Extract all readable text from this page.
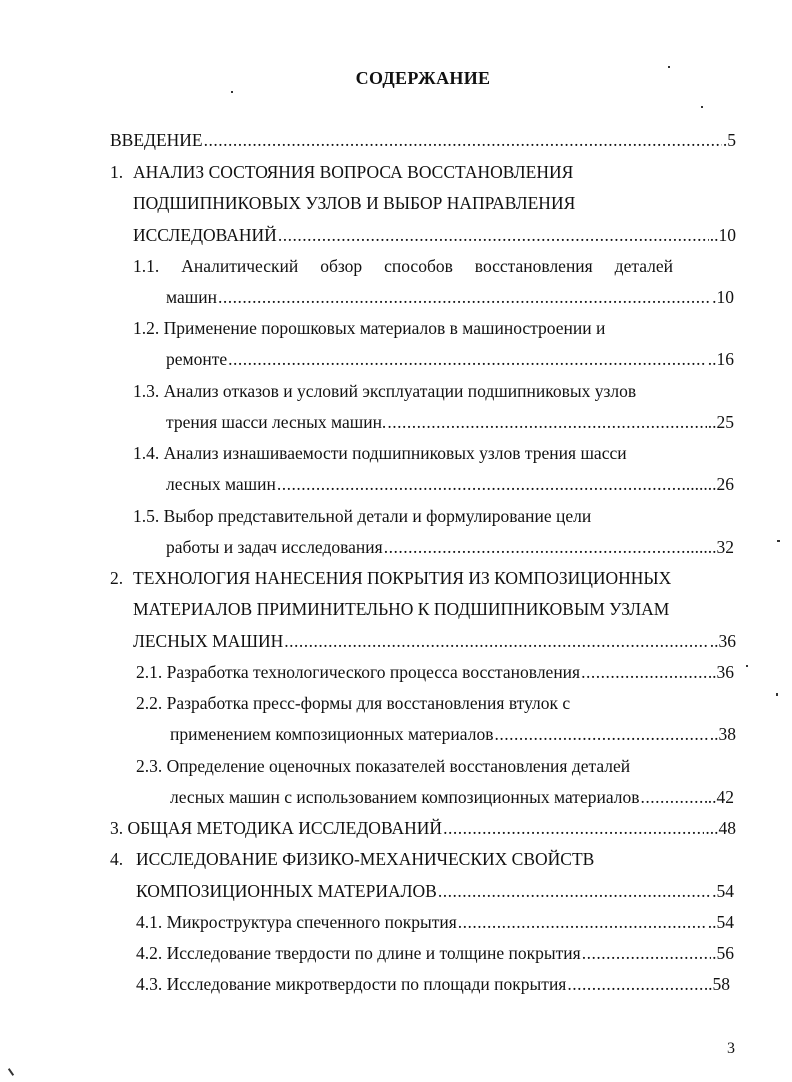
СОДЕРЖАНИЕ
ВВЕДЕНИЕ .....	.5
1. АНАЛИЗ СОСТОЯНИЯ ВОПРОСА ВОССТАНОВЛЕНИЯ
ПОДШИПНИКОВЫХ УЗЛОВ И ВЫБОР НАПРАВЛЕНИЯ
ИССЛЕДОВАНИЙ .....	..10
1.1. Аналитический обзор способов восстановления деталей
машин .....	.10
1.2. Применение порошковых материалов в машиностроении и
ремонте .....	..16
1.3. Анализ отказов и условий эксплуатации подшипниковых узлов
трения шасси лесных машин. .....	..25
1.4. Анализ изнашиваемости подшипниковых узлов трения шасси
лесных машин .....	........26
1.5. Выбор представительной детали и формулирование цели
работы и задач исследования .....	.......32
2. ТЕХНОЛОГИЯ НАНЕСЕНИЯ ПОКРЫТИЯ ИЗ КОМПОЗИЦИОННЫХ
МАТЕРИАЛОВ ПРИМИНИТЕЛЬНО К ПОДШИПНИКОВЫМ УЗЛАМ
ЛЕСНЫХ МАШИН .....	..36
2.1. Разработка технологического процесса восстановления .....	.36
2.2. Разработка пресс-формы для восстановления втулок с
применением композиционных материалов .....	..38
2.3. Определение оценочных показателей восстановления деталей
лесных машин с использованием композиционных материалов .....	..42
3. ОБЩАЯ МЕТОДИКА ИССЛЕДОВАНИЙ .....	...48
4. ИССЛЕДОВАНИЕ ФИЗИКО-МЕХАНИЧЕСКИХ СВОЙСТВ
КОМПОЗИЦИОННЫХ МАТЕРИАЛОВ .....	.54
4.1. Микроструктура спеченного покрытия .....	..54
4.2. Исследование твердости по длине и толщине покрытия .....	.56
4.3. Исследование микротвердости по площади покрытия .....	.58
3
